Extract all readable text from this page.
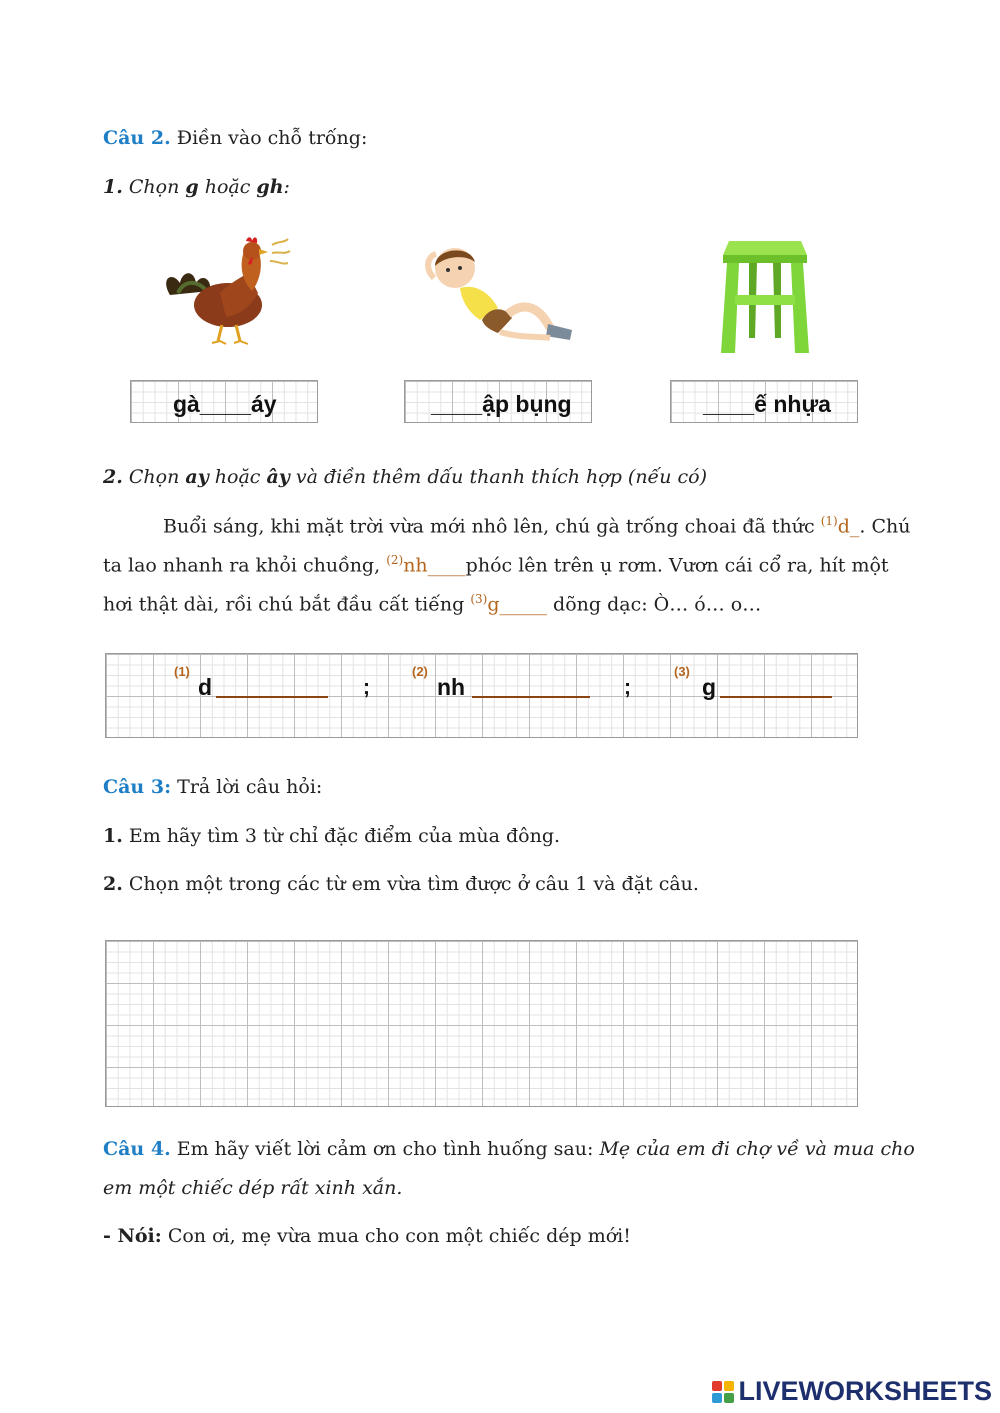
Câu 2. Điền vào chỗ trống:
1. Chọn g hoặc gh:
gà____áy	____ập bụng	____ế nhựa
2. Chọn ay hoặc ây và điền thêm dấu thanh thích hợp (nếu có)
Buổi sáng, khi mặt trời vừa mới nhô lên, chú gà trống choai đã thức $^{(1)}$d_. Chú
ta lao nhanh ra khỏi chuồng, $^{(2)}$nh____phóc lên trên ụ rơm. Vươn cái cổ ra, hít một
hơi thật dài, rồi chú bắt đầu cất tiếng $^{(3)}$g_____ dõng dạc: Ò… ó… o…
(1)
d	;
(2)
nh	;
(3)
g
Câu 3: Trả lời câu hỏi:
1. Em hãy tìm 3 từ chỉ đặc điểm của mùa đông.
2. Chọn một trong các từ em vừa tìm được ở câu 1 và đặt câu.
Câu 4. Em hãy viết lời cảm ơn cho tình huống sau: Mẹ của em đi chợ về và mua cho
em một chiếc dép rất xinh xắn.
- Nói: Con ơi, mẹ vừa mua cho con một chiếc dép mới!
LIVEWORKSHEETS
